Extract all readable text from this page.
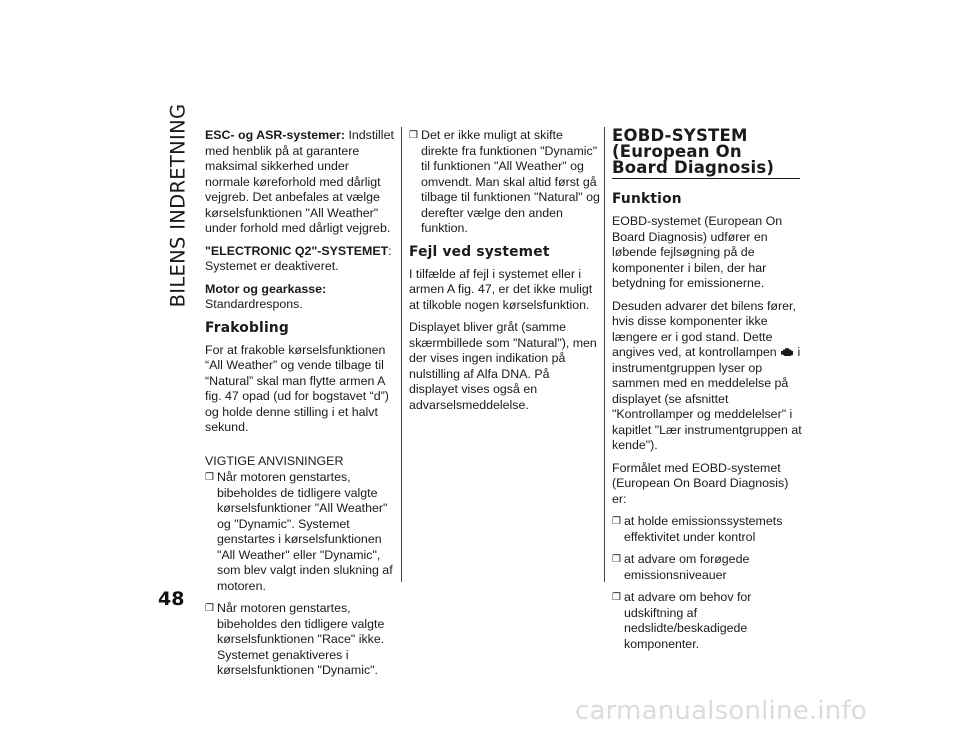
BILENS INDRETNING
48

ESC- og ASR-systemer: Indstillet med henblik på at garantere maksimal sikkerhed under normale køreforhold med dårligt vejgreb. Det anbefales at vælge kørselsfunktionen "All Weather" under forhold med dårligt vejgreb.

"ELECTRONIC Q2"-SYSTEMET:
Systemet er deaktiveret.

Motor og gearkasse:
Standardrespons.

Frakobling

For at frakoble kørselsfunktionen “All Weather” og vende tilbage til “Natural” skal man flytte armen A fig. 47 opad (ud for bogstavet “d”) og holde denne stilling i et halvt sekund.

VIGTIGE ANVISNINGER
❒ Når motoren genstartes, bibeholdes de tidligere valgte kørselsfunktioner "All Weather" og "Dynamic". Systemet genstartes i kørselsfunktionen "All Weather" eller "Dynamic", som blev valgt inden slukning af motoren.
❒ Når motoren genstartes, bibeholdes den tidligere valgte kørselsfunktionen "Race" ikke. Systemet genaktiveres i kørselsfunktionen "Dynamic".
❒ Det er ikke muligt at skifte direkte fra funktionen "Dynamic" til funktionen "All Weather" og omvendt. Man skal altid først gå tilbage til funktionen "Natural" og derefter vælge den anden funktion.
Fejl ved systemet

I tilfælde af fejl i systemet eller i armen A fig. 47, er det ikke muligt at tilkoble nogen kørselsfunktion.

Displayet bliver gråt (samme skærmbillede som "Natural"), men der vises ingen indikation på nulstilling af Alfa DNA. På displayet vises også en advarselsmeddelelse.

EOBD-SYSTEM
(European On
Board Diagnosis)
Funktion

EOBD-systemet (European On Board Diagnosis) udfører en løbende fejlsøgning på de komponenter i bilen, der har betydning for emissionerne.

Desuden advarer det bilens fører, hvis disse komponenter ikke længere er i god stand. Dette angives ved, at kontrollampen  i instrumentgruppen lyser op sammen med en meddelelse på displayet (se afsnittet "Kontrollamper og meddelelser" i kapitlet "Lær instrumentgruppen at kende").

Formålet med EOBD-systemet (European On Board Diagnosis) er:

❒ at holde emissionssystemets effektivitet under kontrol
❒ at advare om forøgede emissionsniveauer
❒ at advare om behov for udskiftning af nedslidte/beskadigede komponenter.
carmanualsonline.info
